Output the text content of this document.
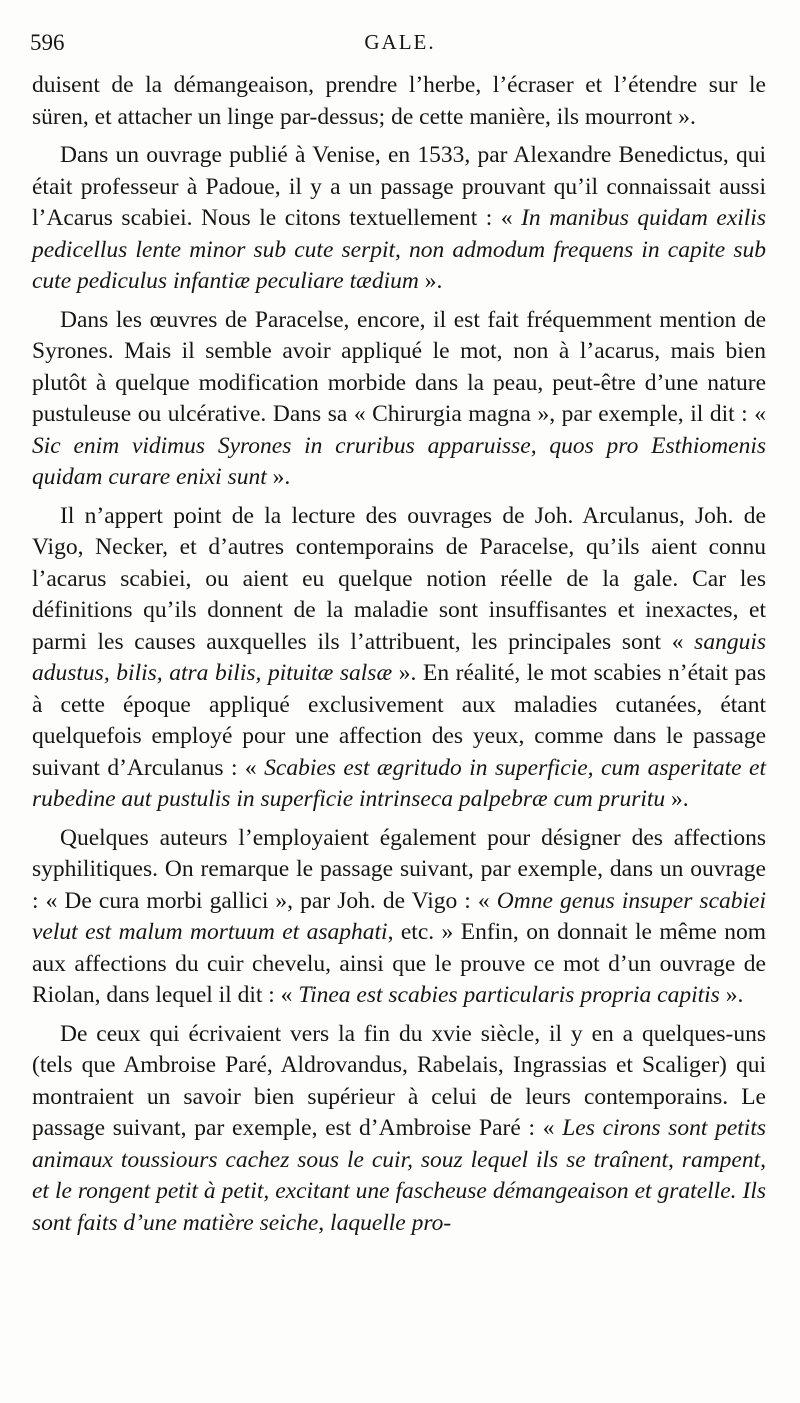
596	GALE.

duisent de la démangeaison, prendre l’herbe, l’écraser et l’étendre sur le süren, et attacher un linge par-dessus; de cette manière, ils mourront ».

Dans un ouvrage publié à Venise, en 1533, par Alexandre Benedictus, qui était professeur à Padoue, il y a un passage prouvant qu’il connaissait aussi l’Acarus scabiei. Nous le citons textuellement : « In manibus quidam exilis pedicellus lente minor sub cute serpit, non admodum frequens in capite sub cute pediculus infantiæ peculiare tædium ».

Dans les œuvres de Paracelse, encore, il est fait fréquemment mention de Syrones. Mais il semble avoir appliqué le mot, non à l’acarus, mais bien plutôt à quelque modification morbide dans la peau, peut-être d’une nature pustuleuse ou ulcérative. Dans sa « Chirurgia magna », par exemple, il dit : « Sic enim vidimus Syrones in cruribus apparuisse, quos pro Esthiomenis quidam curare enixi sunt ».

Il n’appert point de la lecture des ouvrages de Joh. Arculanus, Joh. de Vigo, Necker, et d’autres contemporains de Paracelse, qu’ils aient connu l’acarus scabiei, ou aient eu quelque notion réelle de la gale. Car les définitions qu’ils donnent de la maladie sont insuffisantes et inexactes, et parmi les causes auxquelles ils l’attribuent, les principales sont « sanguis adustus, bilis, atra bilis, pituitæ salsæ ». En réalité, le mot scabies n’était pas à cette époque appliqué exclusivement aux maladies cutanées, étant quelquefois employé pour une affection des yeux, comme dans le passage suivant d’Arculanus : « Scabies est ægritudo in superficie, cum asperitate et rubedine aut pustulis in superficie intrinseca palpebræ cum pruritu ».

Quelques auteurs l’employaient également pour désigner des affections syphilitiques. On remarque le passage suivant, par exemple, dans un ouvrage : « De cura morbi gallici », par Joh. de Vigo : « Omne genus insuper scabiei velut est malum mortuum et asaphati, etc. » Enfin, on donnait le même nom aux affections du cuir chevelu, ainsi que le prouve ce mot d’un ouvrage de Riolan, dans lequel il dit : « Tinea est scabies particularis propria capitis ».

De ceux qui écrivaient vers la fin du xvie siècle, il y en a quelques-uns (tels que Ambroise Paré, Aldrovandus, Rabelais, Ingrassias et Scaliger) qui montraient un savoir bien supérieur à celui de leurs contemporains. Le passage suivant, par exemple, est d’Ambroise Paré : « Les cirons sont petits animaux toussiours cachez sous le cuir, souz lequel ils se traînent, rampent, et le rongent petit à petit, excitant une fascheuse démangeaison et gratelle. Ils sont faits d’une matière seiche, laquelle pro-
